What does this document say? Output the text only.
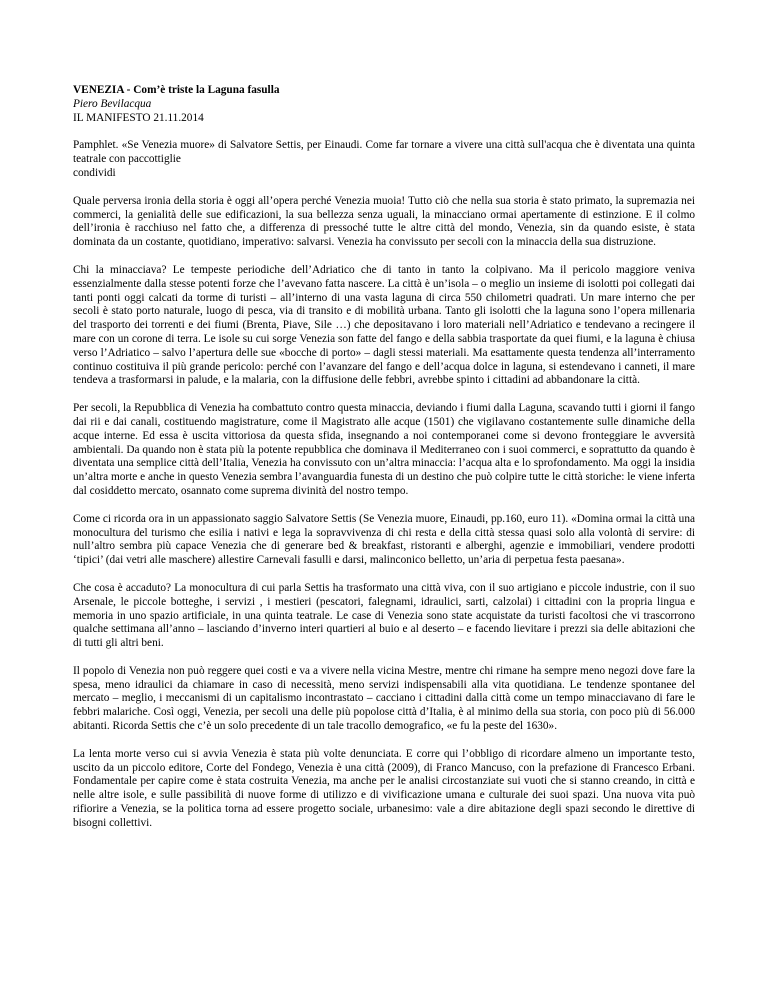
VENEZIA - Com’è triste la Laguna fasulla
Piero Bevilacqua
IL MANIFESTO 21.11.2014

Pamphlet. «Se Venezia muore» di Salvatore Settis, per Einaudi. Come far tornare a vivere una città sull'acqua che è diventata una quinta teatrale con paccottiglie

condividi

Quale perversa ironia della storia è oggi all’opera perché Venezia muoia! Tutto ciò che nella sua storia è stato primato, la supremazia nei commerci, la genialità delle sue edificazioni, la sua bellezza senza uguali, la minacciano ormai apertamente di estinzione. E il colmo dell’ironia è racchiuso nel fatto che, a differenza di pressoché tutte le altre città del mondo, Venezia, sin da quando esiste, è stata dominata da un costante, quotidiano, imperativo: salvarsi. Venezia ha convissuto per secoli con la minaccia della sua distruzione.

Chi la minacciava? Le tempeste periodiche dell’Adriatico che di tanto in tanto la colpivano. Ma il pericolo maggiore veniva essenzialmente dalla stesse potenti forze che l’avevano fatta nascere. La città è un’isola – o meglio un insieme di isolotti poi collegati dai tanti ponti oggi calcati da torme di turisti – all’interno di una vasta laguna di circa 550 chilometri quadrati. Un mare interno che per secoli è stato porto naturale, luogo di pesca, via di transito e di mobilità urbana. Tanto gli isolotti che la laguna sono l’opera millenaria del trasporto dei torrenti e dei fiumi (Brenta, Piave, Sile …) che depositavano i loro materiali nell’Adriatico e tendevano a recingere il mare con un corone di terra. Le isole su cui sorge Venezia son fatte del fango e della sabbia trasportate da quei fiumi, e la laguna è chiusa verso l’Adriatico – salvo l’apertura delle sue «bocche di porto» – dagli stessi materiali. Ma esattamente questa tendenza all’interramento continuo costituiva il più grande pericolo: perché con l’avanzare del fango e dell’acqua dolce in laguna, si estendevano i canneti, il mare tendeva a trasformarsi in palude, e la malaria, con la diffusione delle febbri, avrebbe spinto i cittadini ad abbandonare la città.

Per secoli, la Repubblica di Venezia ha combattuto contro questa minaccia, deviando i fiumi dalla Laguna, scavando tutti i giorni il fango dai rii e dai canali, costituendo magistrature, come il Magistrato alle acque (1501) che vigilavano costantemente sulle dinamiche della acque interne. Ed essa è uscita vittoriosa da questa sfida, insegnando a noi contemporanei come si devono fronteggiare le avversità ambientali. Da quando non è stata più la potente repubblica che dominava il Mediterraneo con i suoi commerci, e soprattutto da quando è diventata una semplice città dell’Italia, Venezia ha convissuto con un’altra minaccia: l’acqua alta e lo sprofondamento. Ma oggi la insidia un’altra morte e anche in questo Venezia sembra l’avanguardia funesta di un destino che può colpire tutte le città storiche: le viene inferta dal cosiddetto mercato, osannato come suprema divinità del nostro tempo.

Come ci ricorda ora in un appassionato saggio Salvatore Settis (Se Venezia muore, Einaudi, pp.160, euro 11). «Domina ormai la città una monocultura del turismo che esilia i nativi e lega la sopravvivenza di chi resta e della città stessa quasi solo alla volontà di servire: di null’altro sembra più capace Venezia che di generare bed & breakfast, ristoranti e alberghi, agenzie e immobiliari, vendere prodotti ‘tipici’ (dai vetri alle maschere) allestire Carnevali fasulli e darsi, malinconico belletto, un’aria di perpetua festa paesana».

Che cosa è accaduto? La monocultura di cui parla Settis ha trasformato una città viva, con il suo artigiano e piccole industrie, con il suo Arsenale, le piccole botteghe, i servizi , i mestieri (pescatori, falegnami, idraulici, sarti, calzolai) i cittadini con la propria lingua e memoria in uno spazio artificiale, in una quinta teatrale. Le case di Venezia sono state acquistate da turisti facoltosi che vi trascorrono qualche settimana all’anno – lasciando d’inverno interi quartieri al buio e al deserto – e facendo lievitare i prezzi sia delle abitazioni che di tutti gli altri beni.

Il popolo di Venezia non può reggere quei costi e va a vivere nella vicina Mestre, mentre chi rimane ha sempre meno negozi dove fare la spesa, meno idraulici da chiamare in caso di necessità, meno servizi indispensabili alla vita quotidiana. Le tendenze spontanee del mercato – meglio, i meccanismi di un capitalismo incontrastato – cacciano i cittadini dalla città come un tempo minacciavano di fare le febbri malariche. Così oggi, Venezia, per secoli una delle più popolose città d’Italia, è al minimo della sua storia, con poco più di 56.000 abitanti. Ricorda Settis che c’è un solo precedente di un tale tracollo demografico, «e fu la peste del 1630».

La lenta morte verso cui si avvia Venezia è stata più volte denunciata. E corre qui l’obbligo di ricordare almeno un importante testo, uscito da un piccolo editore, Corte del Fondego, Venezia è una città (2009), di Franco Mancuso, con la prefazione di Francesco Erbani. Fondamentale per capire come è stata costruita Venezia, ma anche per le analisi circostanziate sui vuoti che si stanno creando, in città e nelle altre isole, e sulle passibilità di nuove forme di utilizzo e di vivificazione umana e culturale dei suoi spazi. Una nuova vita può rifiorire a Venezia, se la politica torna ad essere progetto sociale, urbanesimo: vale a dire abitazione degli spazi secondo le direttive di bisogni collettivi.
